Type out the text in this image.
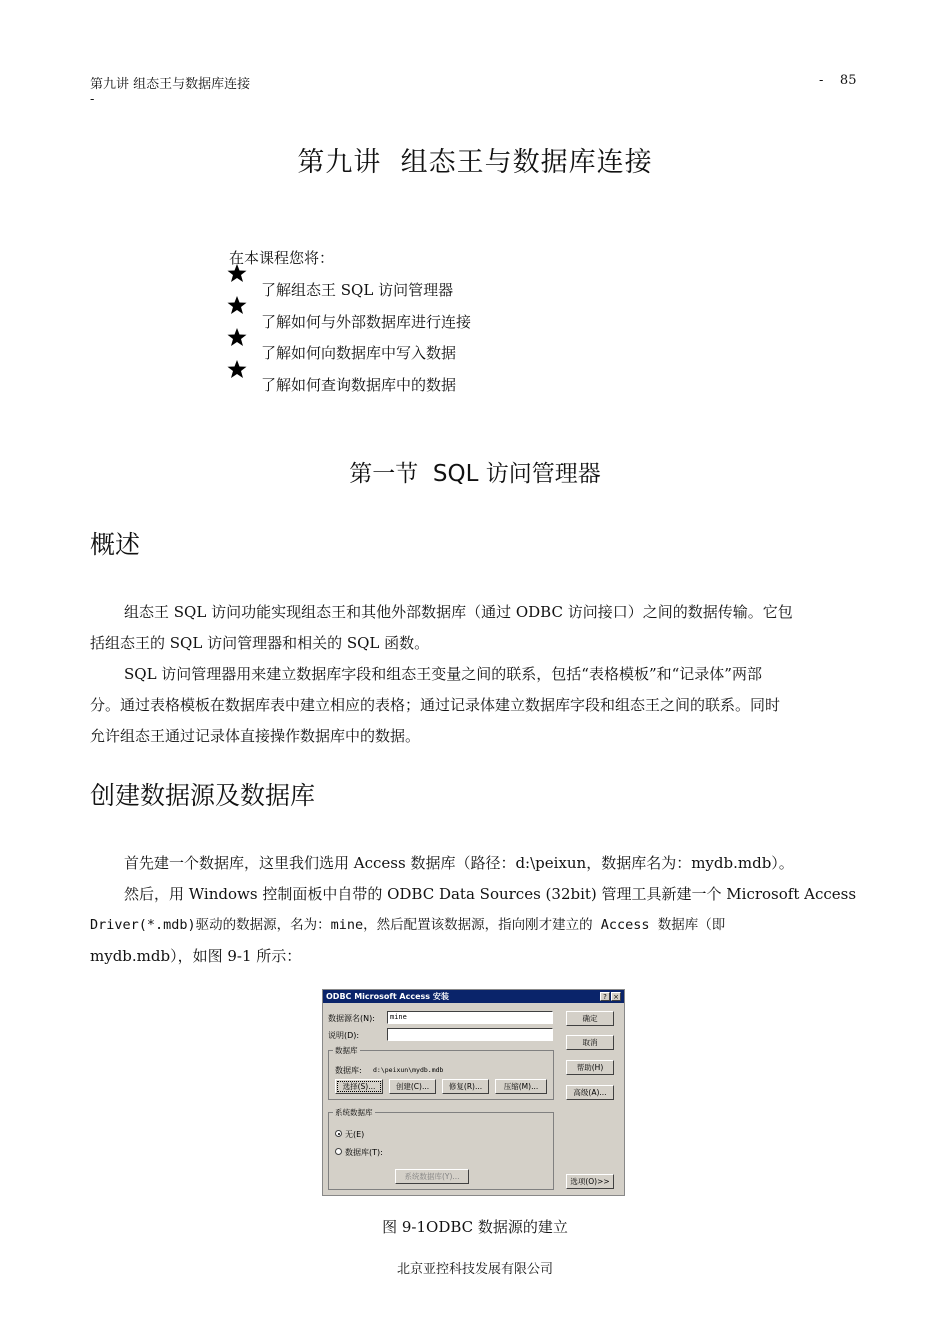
第九讲 组态王与数据库连接
-
-    85
第九讲  组态王与数据库连接
在本课程您将：
了解组态王 SQL 访问管理器
了解如何与外部数据库进行连接
了解如何向数据库中写入数据
了解如何查询数据库中的数据
第一节  SQL 访问管理器
概述
组态王 SQL 访问功能实现组态王和其他外部数据库（通过 ODBC 访问接口）之间的数据传输。它包
括组态王的 SQL 访问管理器和相关的 SQL 函数。
SQL 访问管理器用来建立数据库字段和组态王变量之间的联系，包括“表格模板”和“记录体”两部
分。通过表格模板在数据库表中建立相应的表格；通过记录体建立数据库字段和组态王之间的联系。同时
允许组态王通过记录体直接操作数据库中的数据。
创建数据源及数据库
首先建一个数据库，这里我们选用 Access 数据库（路径：d:\peixun，数据库名为：mydb.mdb）。
然后，用 Windows 控制面板中自带的 ODBC Data Sources (32bit) 管理工具新建一个 Microsoft Access
Driver(*.mdb)驱动的数据源，名为：mine，然后配置该数据源，指向刚才建立的 Access 数据库（即
mydb.mdb），如图 9-1 所示：
ODBC Microsoft Access 安装	? ×
数据源名(N):	mine
说明(D):
数据库
数据库: d:\peixun\mydb.mdb
选择(S)...	创建(C)...	修复(R)...	压缩(M)...
系统数据库
无(E)
数据库(T):
系统数据库(Y)...
确定
取消
帮助(H)
高级(A)...
选项(O)>>
图 9-1ODBC 数据源的建立
北京亚控科技发展有限公司
